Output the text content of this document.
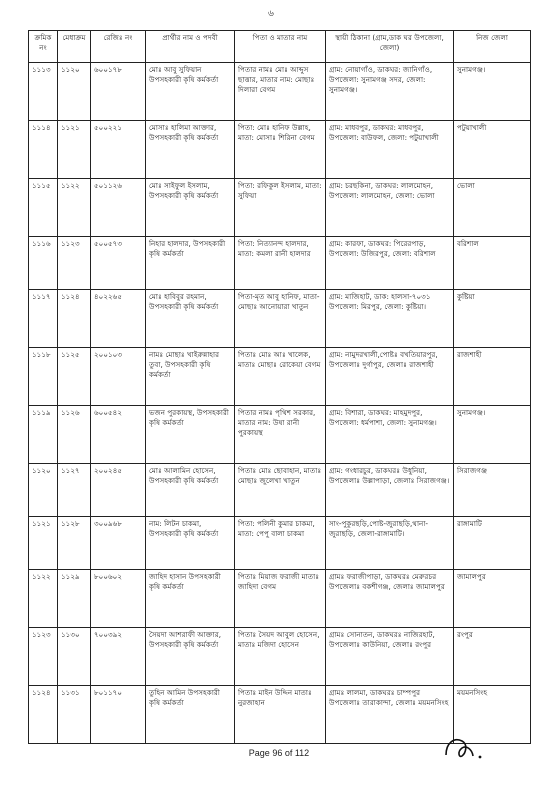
৬
ক্রমিক নং	মেধাক্রম	রেজিঃ নং	প্রার্থীর নাম ও পদবী	পিতা ও মাতার নাম	স্থায়ী ঠিকানা (গ্রাম,ডাক ঘর উপজেলা, জেলা)	নিজ জেলা
১১১৩	১১২০	৬০০১৭৮	মোঃ আবু সুফিয়ান উপসহকারী কৃষি কর্মকর্তা	পিতার নামঃ মোঃ আব্দুস ছাত্তার, মাতার নাম: মোছাঃ দিলারা বেগম	গ্রাম: নোয়াগাঁও, ডাকঘর: জানিগাঁও, উপজেলা: সুনামগঞ্জ সদর, জেলা: সুনামগঞ্জ।	সুনামগঞ্জ।
১১১৪	১১২১	৫০০২২১	মোসাঃ হালিমা আক্তার, উপসহকারী কৃষি কর্মকর্তা	পিতা: মোঃ হানিফ উল্লাহ, মাতা: মোসাঃ শিরিনা বেগম	গ্রাম: মাধবপুর, ডাকঘর: মাধবপুর, উপজেলা: বাউফল, জেলা: পটুয়াখালী	পটুয়াখালী
১১১৫	১১২২	৫০১১২৬	মোঃ সাইফুল ইসলাম, উপসহকারী কৃষি কর্মকর্তা	পিতা: রফিকুল ইসলাম, মাতা: সুফিয়া	গ্রাম: চরছকিনা, ডাকঘর: লালমোহন, উপজেলা: লালমোহন, জেলা: ভোলা	ভোলা
১১১৬	১১২৩	৫০০৫৭৩	নিহার হালদার, উপসহকারী কৃষি কর্মকর্তা	পিতা: নিত্যানন্দ হালদার, মাতা: কমলা রানী হালদার	গ্রাম: কারফা, ডাকঘর: পিরেরপাড়, উপজেলা: উজিরপুর, জেলা: বরিশাল	বরিশাল
১১১৭	১১২৪	৪০২২৬৫	মোঃ হাবিবুর রহমান, উপসহকারী কৃষি কর্মকর্তা	পিতা-মৃত আবু হানিফ, মাতা-মোছাঃ আনোয়ারা খাতুন	গ্রাম: মাজিহাট, ডাক: হালসা-৭০৩১ উপজেলা: মিরপুর, জেলা: কুষ্টিয়া।	কুষ্টিয়া
১১১৮	১১২৫	২০০১০৩	নামঃ মোছাঃ খাইরুন্নাহার তুবা, উপসহকারী কৃষি কর্মকর্তা	পিতাঃ মোঃ আঃ খালেক, মাতাঃ মোছাঃ রোকেয়া বেগম	গ্রাম: নামুদরখালী,পোষ্টঃ বখতিয়ারপুর, উপজেলাঃ দুর্গাপুর, জেলাঃ রাজশাহী	রাজশাহী
১১১৯	১১২৬	৬০০৫৪২	ভজন পুরকায়স্থ, উপসহকারী কৃষি কর্মকর্তা	পিতার নামঃ পৃথিশ সরকার, মাতার নাম: উষা রানী পুরকায়স্থ	গ্রাম: বিশারা, ডাকঘর: মাহমুদপুর, উপজেলা: ধর্মপাশা, জেলা: সুনামগঞ্জ।	সুনামগঞ্জ।
১১২০	১১২৭	২০০২৪৫	মোঃ আলামিন হোসেন, উপসহকারী কৃষি কর্মকর্তা	পিতাঃ মোঃ ছোবাহান, মাতাঃ মোছাঃ জুলেখা খাতুন	গ্রাম: গংধারচুর, ডাকঘরঃ উধুনিয়া, উপজেলাঃ উল্লাপাড়া, জেলাঃ সিরাজগঞ্জ।	সিরাজগঞ্জ
১১২১	১১২৮	৩০০৯৬৮	নাম: লিটন চাকমা, উপসহকারী কৃষি কর্মকর্তা	পিতা: পলিনী কুমার চাকমা, মাতা: পেপু বালা চাকমা	সাং-পুকুরছড়ি,পোষ্ট-জুরাছড়ি,থানা-জুরাছড়ি, জেলা-রাঙ্গামাটি।	রাঙ্গামাটি
১১২২	১১২৯	৮০০৬০২	জাহিদ হাসান উপসহকারী কৃষি কর্মকর্তা	পিতাঃ মিয়াজ ফরাজী মাতাঃ জাহিদা বেগম	গ্রামঃ ফরাজীপাড়া, ডাকঘরঃ মেরুরচর উপজেলাঃ বকশীগঞ্জ, জেলাঃ জামালপুর	জামালপুর
১১২৩	১১৩০	৭০০৩৯২	সৈয়দা আশরাফী আক্তার, উপসহকারী কৃষি কর্মকর্তা	পিতাঃ সৈয়দ আবুল হোসেন, মাতাঃ মজিদা হোসেন	গ্রামঃ সোনাতন, ডাকঘরঃ নাজিরহাট, উপজেলাঃ কাউনিয়া, জেলাঃ রংপুর	রংপুর
১১২৪	১১৩১	৮০১১৭০	তুহিন আমিন উপসহকারী কৃষি কর্মকর্তা	পিতাঃ মাইন উদ্দিন মাতাঃ নুরজাহান	গ্রামঃ লালমা, ডাকঘরঃ চাম্পপুর উপজেলাঃ তারাকান্দা, জেলাঃ ময়মনসিংহ	ময়মনসিংহ
Page 96 of 112
